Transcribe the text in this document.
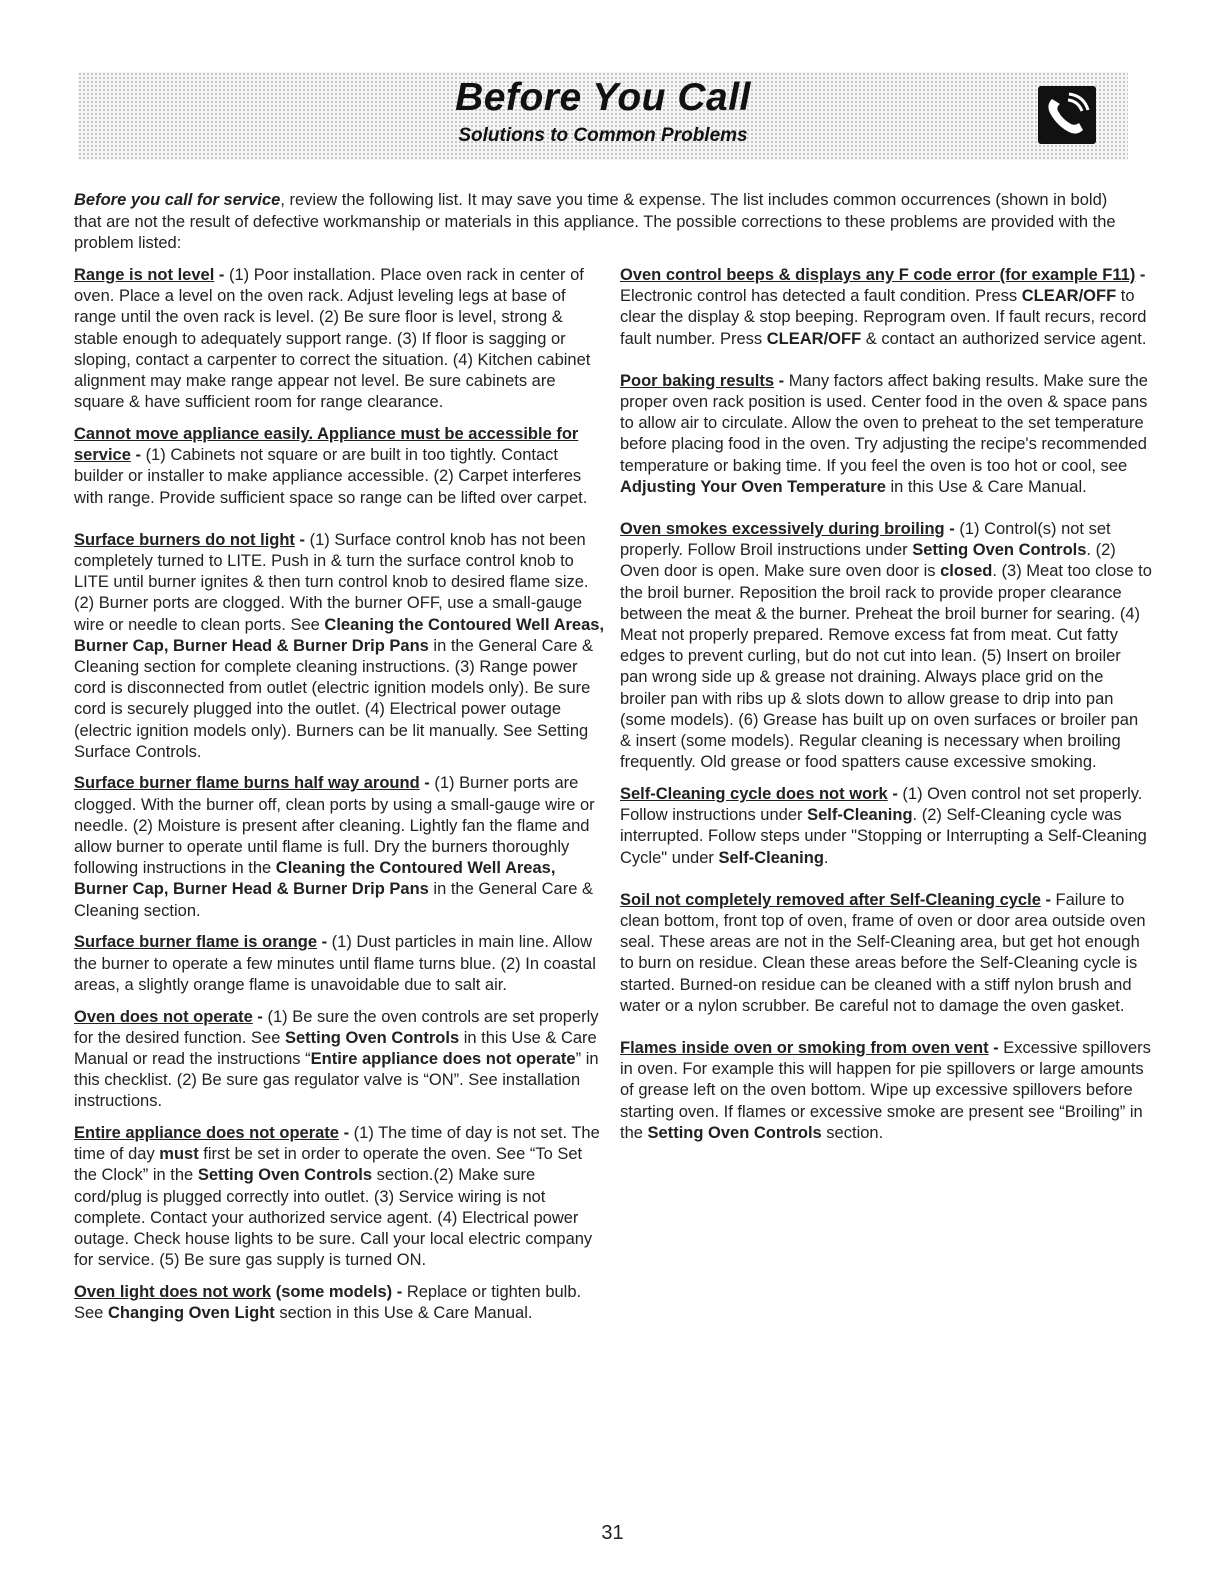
Before You Call

Solutions to Common Problems

Before you call for service, review the following list. It may save you time & expense. The list includes common occurrences (shown in bold) that are not the result of defective workmanship or materials in this appliance. The possible corrections to these problems are provided with the problem listed:

Range is not level - (1) Poor installation. Place oven rack in center of oven. Place a level on the oven rack. Adjust leveling legs at base of range until the oven rack is level. (2) Be sure floor is level, strong & stable enough to adequately support range. (3) If floor is sagging or sloping, contact a carpenter to correct the situation. (4) Kitchen cabinet alignment may make range appear not level. Be sure cabinets are square & have sufficient room for range clearance.

Cannot move appliance easily. Appliance must be accessible for service - (1) Cabinets not square or are built in too tightly. Contact builder or installer to make appliance accessible. (2) Carpet interferes with range. Provide sufficient space so range can be lifted over carpet.

Surface burners do not light - (1) Surface control knob has not been completely turned to LITE. Push in & turn the surface control knob to LITE until burner ignites & then turn control knob to desired flame size. (2) Burner ports are clogged. With the burner OFF, use a small-gauge wire or needle to clean ports. See Cleaning the Contoured Well Areas, Burner Cap, Burner Head & Burner Drip Pans in the General Care & Cleaning section for complete cleaning instructions. (3) Range power cord is disconnected from outlet (electric ignition models only). Be sure cord is securely plugged into the outlet. (4) Electrical power outage (electric ignition models only). Burners can be lit manually. See Setting Surface Controls.

Surface burner flame burns half way around - (1) Burner ports are clogged. With the burner off, clean ports by using a small-gauge wire or needle. (2) Moisture is present after cleaning. Lightly fan the flame and allow burner to operate until flame is full. Dry the burners thoroughly following instructions in the Cleaning the Contoured Well Areas, Burner Cap, Burner Head & Burner Drip Pans in the General Care & Cleaning section.

Surface burner flame is orange - (1) Dust particles in main line. Allow the burner to operate a few minutes until flame turns blue. (2) In coastal areas, a slightly orange flame is unavoidable due to salt air.

Oven does not operate - (1) Be sure the oven controls are set properly for the desired function. See Setting Oven Controls in this Use & Care Manual or read the instructions “Entire appliance does not operate” in this checklist. (2) Be sure gas regulator valve is “ON”. See installation instructions.

Entire appliance does not operate - (1) The time of day is not set. The time of day must first be set in order to operate the oven. See “To Set the Clock” in the Setting Oven Controls section.(2) Make sure cord/plug is plugged correctly into outlet. (3) Service wiring is not complete. Contact your authorized service agent. (4) Electrical power outage. Check house lights to be sure. Call your local electric company for service. (5) Be sure gas supply is turned ON.

Oven light does not work (some models) - Replace or tighten bulb. See Changing Oven Light section in this Use & Care Manual.

Oven control beeps & displays any F code error (for example F11) - Electronic control has detected a fault condition. Press CLEAR/OFF to clear the display & stop beeping. Reprogram oven. If fault recurs, record fault number. Press CLEAR/OFF & contact an authorized service agent.

Poor baking results - Many factors affect baking results. Make sure the proper oven rack position is used. Center food in the oven & space pans to allow air to circulate. Allow the oven to preheat to the set temperature before placing food in the oven. Try adjusting the recipe's recommended temperature or baking time. If you feel the oven is too hot or cool, see Adjusting Your Oven Temperature in this Use & Care Manual.

Oven smokes excessively during broiling - (1) Control(s) not set properly. Follow Broil instructions under Setting Oven Controls. (2) Oven door is open. Make sure oven door is closed. (3) Meat too close to the broil burner. Reposition the broil rack to provide proper clearance between the meat & the burner. Preheat the broil burner for searing. (4) Meat not properly prepared. Remove excess fat from meat. Cut fatty edges to prevent curling, but do not cut into lean. (5) Insert on broiler pan wrong side up & grease not draining. Always place grid on the broiler pan with ribs up & slots down to allow grease to drip into pan (some models). (6) Grease has built up on oven surfaces or broiler pan & insert (some models). Regular cleaning is necessary when broiling frequently. Old grease or food spatters cause excessive smoking.

Self-Cleaning cycle does not work - (1) Oven control not set properly. Follow instructions under Self-Cleaning. (2) Self-Cleaning cycle was interrupted. Follow steps under "Stopping or Interrupting a Self-Cleaning Cycle" under Self-Cleaning.

Soil not completely removed after Self-Cleaning cycle - Failure to clean bottom, front top of oven, frame of oven or door area outside oven seal. These areas are not in the Self-Cleaning area, but get hot enough to burn on residue. Clean these areas before the Self-Cleaning cycle is started. Burned-on residue can be cleaned with a stiff nylon brush and water or a nylon scrubber. Be careful not to damage the oven gasket.

Flames inside oven or smoking from oven vent - Excessive spillovers in oven. For example this will happen for pie spillovers or large amounts of grease left on the oven bottom. Wipe up excessive spillovers before starting oven. If flames or excessive smoke are present see “Broiling” in the Setting Oven Controls section.

31
